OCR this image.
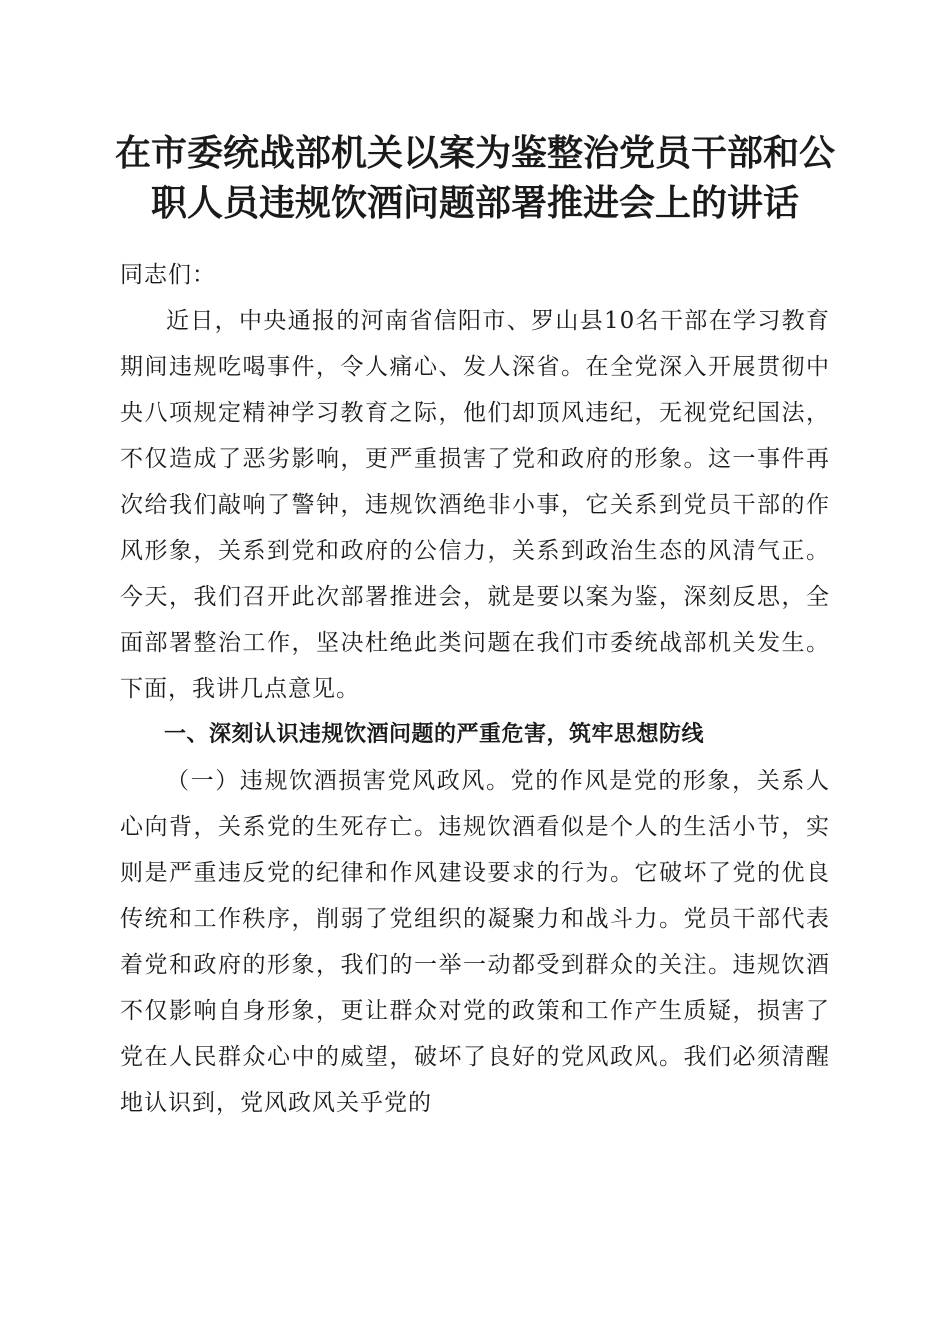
在市委统战部机关以案为鉴整治党员干部和公
职人员违规饮酒问题部署推进会上的讲话

同志们：

近日，中央通报的河南省信阳市、罗山县10名干部在学习教育期间违规吃喝事件，令人痛心、发人深省。在全党深入开展贯彻中央八项规定精神学习教育之际，他们却顶风违纪，无视党纪国法，不仅造成了恶劣影响，更严重损害了党和政府的形象。这一事件再次给我们敲响了警钟，违规饮酒绝非小事，它关系到党员干部的作风形象，关系到党和政府的公信力，关系到政治生态的风清气正。今天，我们召开此次部署推进会，就是要以案为鉴，深刻反思，全面部署整治工作，坚决杜绝此类问题在我们市委统战部机关发生。下面，我讲几点意见。

一、深刻认识违规饮酒问题的严重危害，筑牢思想防线

（一）违规饮酒损害党风政风。党的作风是党的形象，关系人心向背，关系党的生死存亡。违规饮酒看似是个人的生活小节，实则是严重违反党的纪律和作风建设要求的行为。它破坏了党的优良传统和工作秩序，削弱了党组织的凝聚力和战斗力。党员干部代表着党和政府的形象，我们的一举一动都受到群众的关注。违规饮酒不仅影响自身形象，更让群众对党的政策和工作产生质疑，损害了党在人民群众心中的威望，破坏了良好的党风政风。我们必须清醒地认识到，党风政风关乎党的
